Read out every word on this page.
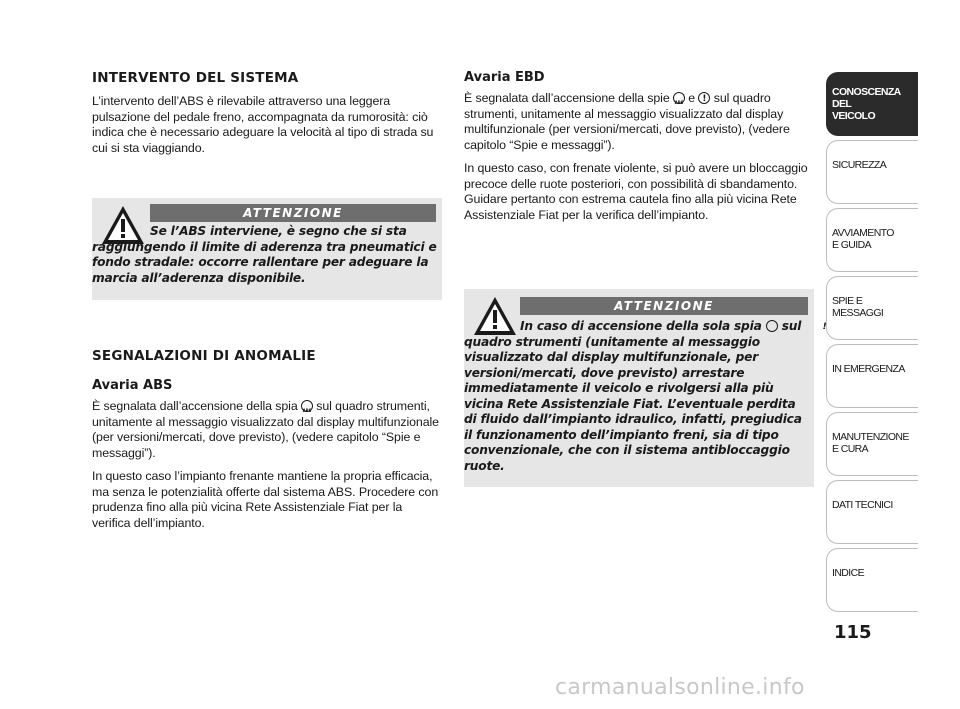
INTERVENTO DEL SISTEMA

L’intervento dell’ABS è rilevabile attraverso una leggera pulsazione del pedale freno, accompagnata da rumorosità: ciò indica che è necessario adeguare la velocità al tipo di strada su cui si sta viaggiando.

ATTENZIONE
Se l’ABS interviene, è segno che si sta raggiungendo il limite di aderenza tra pneumatici e fondo stradale: occorre rallentare per adeguare la marcia all’aderenza disponibile.
SEGNALAZIONI DI ANOMALIE
Avaria ABS

È segnalata dall’accensione della spia ABS sul quadro strumenti, unitamente al messaggio visualizzato dal display multifunzionale (per versioni/mercati, dove previsto), (vedere capitolo “Spie e messaggi”).

In questo caso l’impianto frenante mantiene la propria efficacia, ma senza le potenzialità offerte dal sistema ABS. Procedere con prudenza fino alla più vicina Rete Assistenziale Fiat per la verifica dell’impianto.

Avaria EBD

È segnalata dall’accensione della spie ABS e ! sul quadro strumenti, unitamente al messaggio visualizzato dal display multifunzionale (per versioni/mercati, dove previsto), (vedere capitolo “Spie e messaggi”).

In questo caso, con frenate violente, si può avere un bloccaggio precoce delle ruote posteriori, con possibilità di sbandamento. Guidare pertanto con estrema cautela fino alla più vicina Rete Assistenziale Fiat per la verifica dell’impianto.

ATTENZIONE
In caso di accensione della sola spia ! sul quadro strumenti (unitamente al messaggio visualizzato dal display multifunzionale, per versioni/mercati, dove previsto) arrestare immediatamente il veicolo e rivolgersi alla più vicina Rete Assistenziale Fiat. L’eventuale perdita di fluido dall’impianto idraulico, infatti, pregiudica il funzionamento dell’impianto freni, sia di tipo convenzionale, che con il sistema antibloccaggio ruote.
CONOSCENZA
DEL
VEICOLO
SICUREZZA
AVVIAMENTO
E GUIDA
SPIE E
MESSAGGI
IN EMERGENZA
MANUTENZIONE
E CURA
DATI TECNICI
INDICE
115
carmanualsonline.info
